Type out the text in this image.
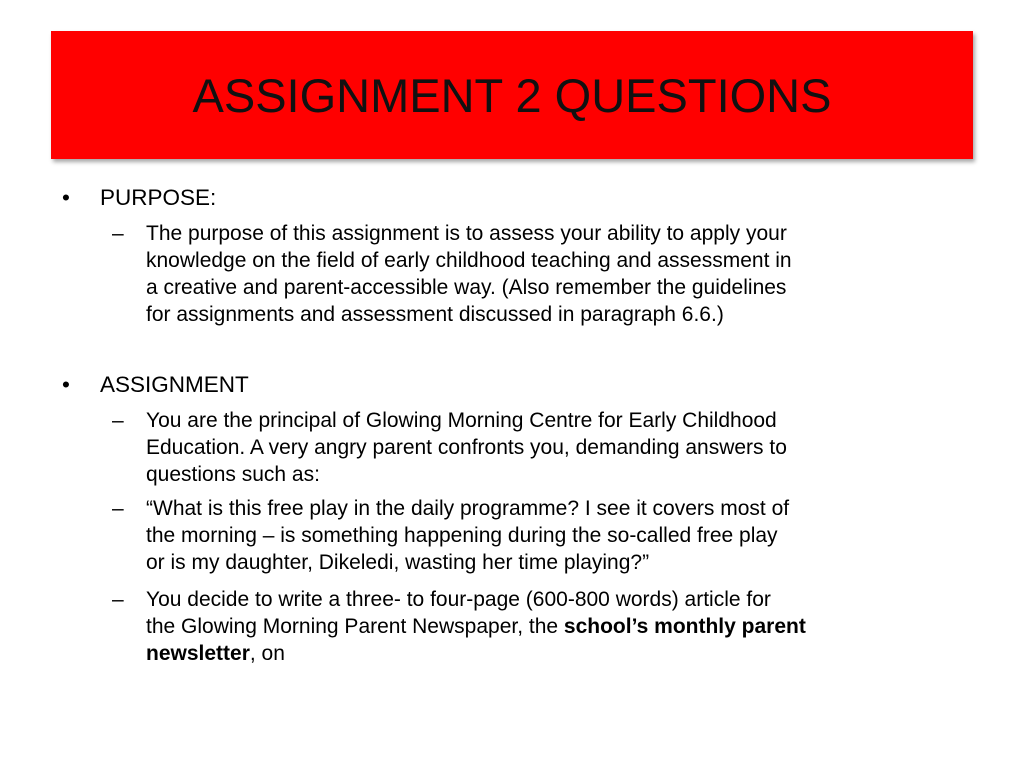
ASSIGNMENT 2 QUESTIONS
• PURPOSE:
– The purpose of this assignment is to assess your ability to apply your
knowledge on the field of early childhood teaching and assessment in
a creative and parent-accessible way. (Also remember the guidelines
for assignments and assessment discussed in paragraph 6.6.)
• ASSIGNMENT
– You are the principal of Glowing Morning Centre for Early Childhood
Education. A very angry parent confronts you, demanding answers to
questions such as:
– “What is this free play in the daily programme? I see it covers most of
the morning – is something happening during the so-called free play
or is my daughter, Dikeledi, wasting her time playing?”
– You decide to write a three- to four-page (600-800 words) article for
the Glowing Morning Parent Newspaper, the school’s monthly parent
newsletter, on
